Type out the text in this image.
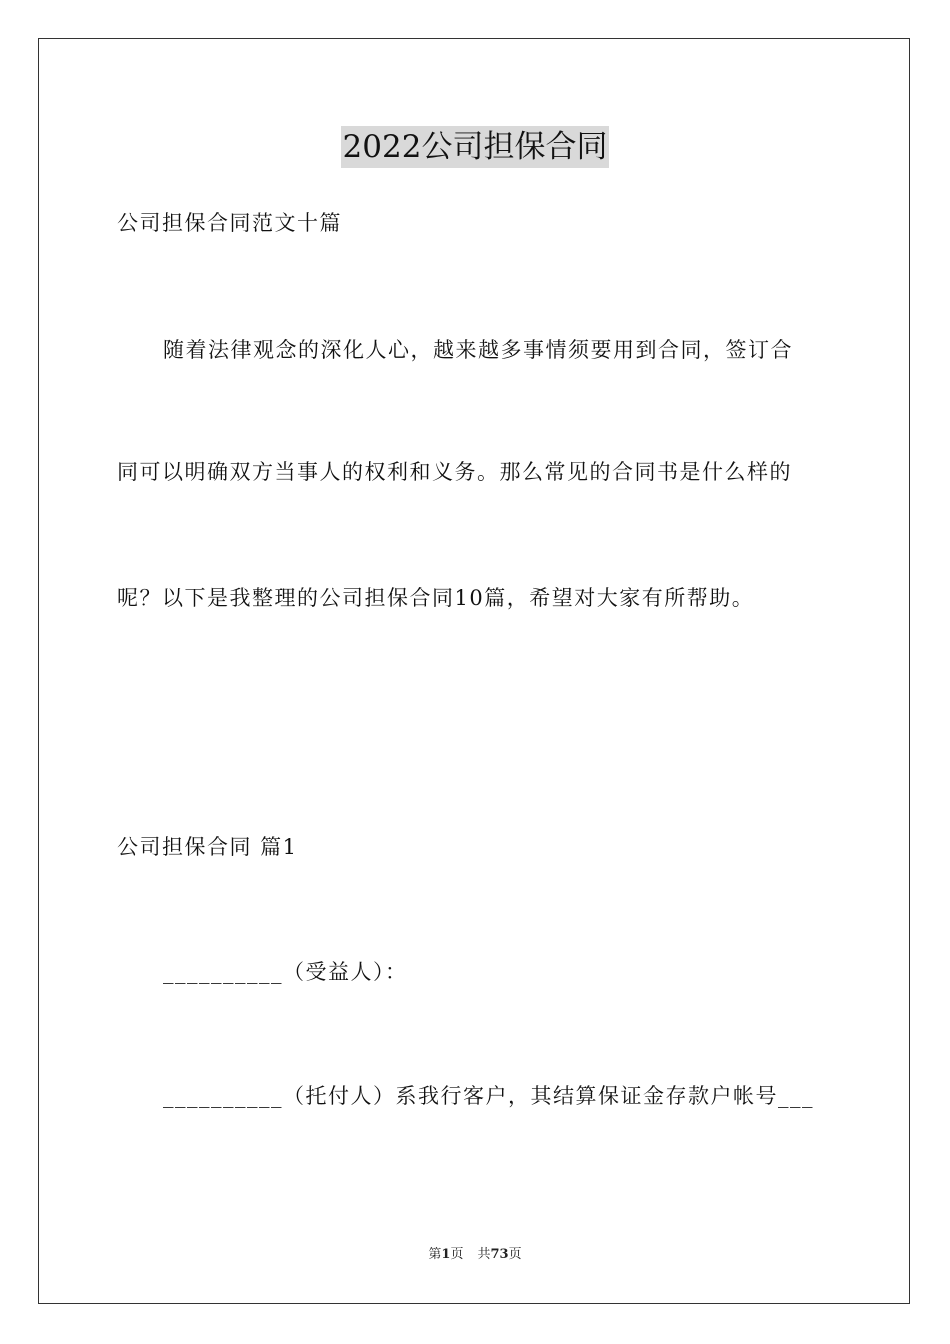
2022公司担保合同
公司担保合同范文十篇
随着法律观念的深化人心，越来越多事情须要用到合同，签订合
同可以明确双方当事人的权利和义务。那么常见的合同书是什么样的
呢？以下是我整理的公司担保合同10篇，希望对大家有所帮助。
公司担保合同 篇1
__________（受益人）：
__________（托付人）系我行客户，其结算保证金存款户帐号___
第1页 共73页
